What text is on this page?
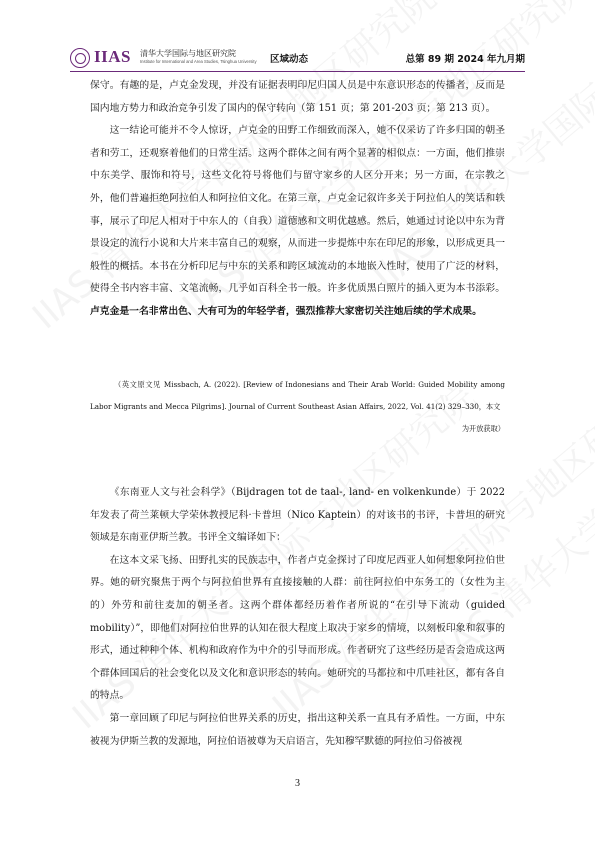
IIAS 清华大学国际与地区研究院
Institute for International and Area Studies, Tsinghua University 区域动态	总第 89 期 2024 年九月期

保守。有趣的是，卢克金发现，并没有证据表明印尼归国人员是中东意识形态的传播者，反而是国内地方势力和政治竞争引发了国内的保守转向（第 151 页；第 201-203 页；第 213 页）。

这一结论可能并不令人惊讶，卢克金的田野工作细致而深入，她不仅采访了许多归国的朝圣者和劳工，还观察着他们的日常生活。这两个群体之间有两个显著的相似点：一方面，他们推崇中东美学、服饰和符号，这些文化符号将他们与留守家乡的人区分开来；另一方面，在宗教之外，他们普遍拒绝阿拉伯人和阿拉伯文化。在第三章，卢克金记叙许多关于阿拉伯人的笑话和轶事，展示了印尼人相对于中东人的（自我）道德感和文明优越感。然后，她通过讨论以中东为背景设定的流行小说和大片来丰富自己的观察，从而进一步提炼中东在印尼的形象，以形成更具一般性的概括。本书在分析印尼与中东的关系和跨区域流动的本地嵌入性时，使用了广泛的材料，使得全书内容丰富、文笔流畅，几乎如百科全书一般。许多优质黑白照片的插入更为本书添彩。卢克金是一名非常出色、大有可为的年轻学者，强烈推荐大家密切关注她后续的学术成果。

（英文原文见 Missbach, A. (2022). [Review of Indonesians and Their Arab World: Guided Mobility among Labor Migrants and Mecca Pilgrims]. Journal of Current Southeast Asian Affairs, 2022, Vol. 41(2) 329–330，本文
为开放获取）

《东南亚人文与社会科学》（Bijdragen tot de taal-, land- en volkenkunde）于 2022 年发表了荷兰莱顿大学荣休教授尼科·卡普坦（Nico Kaptein）的对该书的书评，卡普坦的研究领域是东南亚伊斯兰教。书评全文编译如下：

在这本文采飞扬、田野扎实的民族志中，作者卢克金探讨了印度尼西亚人如何想象阿拉伯世界。她的研究聚焦于两个与阿拉伯世界有直接接触的人群：前往阿拉伯中东务工的（女性为主的）外劳和前往麦加的朝圣者。这两个群体都经历着作者所说的“在引导下流动（guided mobility）”，即他们对阿拉伯世界的认知在很大程度上取决于家乡的情境，以刻板印象和叙事的形式，通过种种个体、机构和政府作为中介的引导而形成。作者研究了这些经历是否会造成这两个群体回国后的社会变化以及文化和意识形态的转向。她研究的马都拉和中爪哇社区，都有各自的特点。

第一章回顾了印尼与阿拉伯世界关系的历史，指出这种关系一直具有矛盾性。一方面，中东被视为伊斯兰教的发源地，阿拉伯语被尊为天启语言，先知穆罕默德的阿拉伯习俗被视

3
